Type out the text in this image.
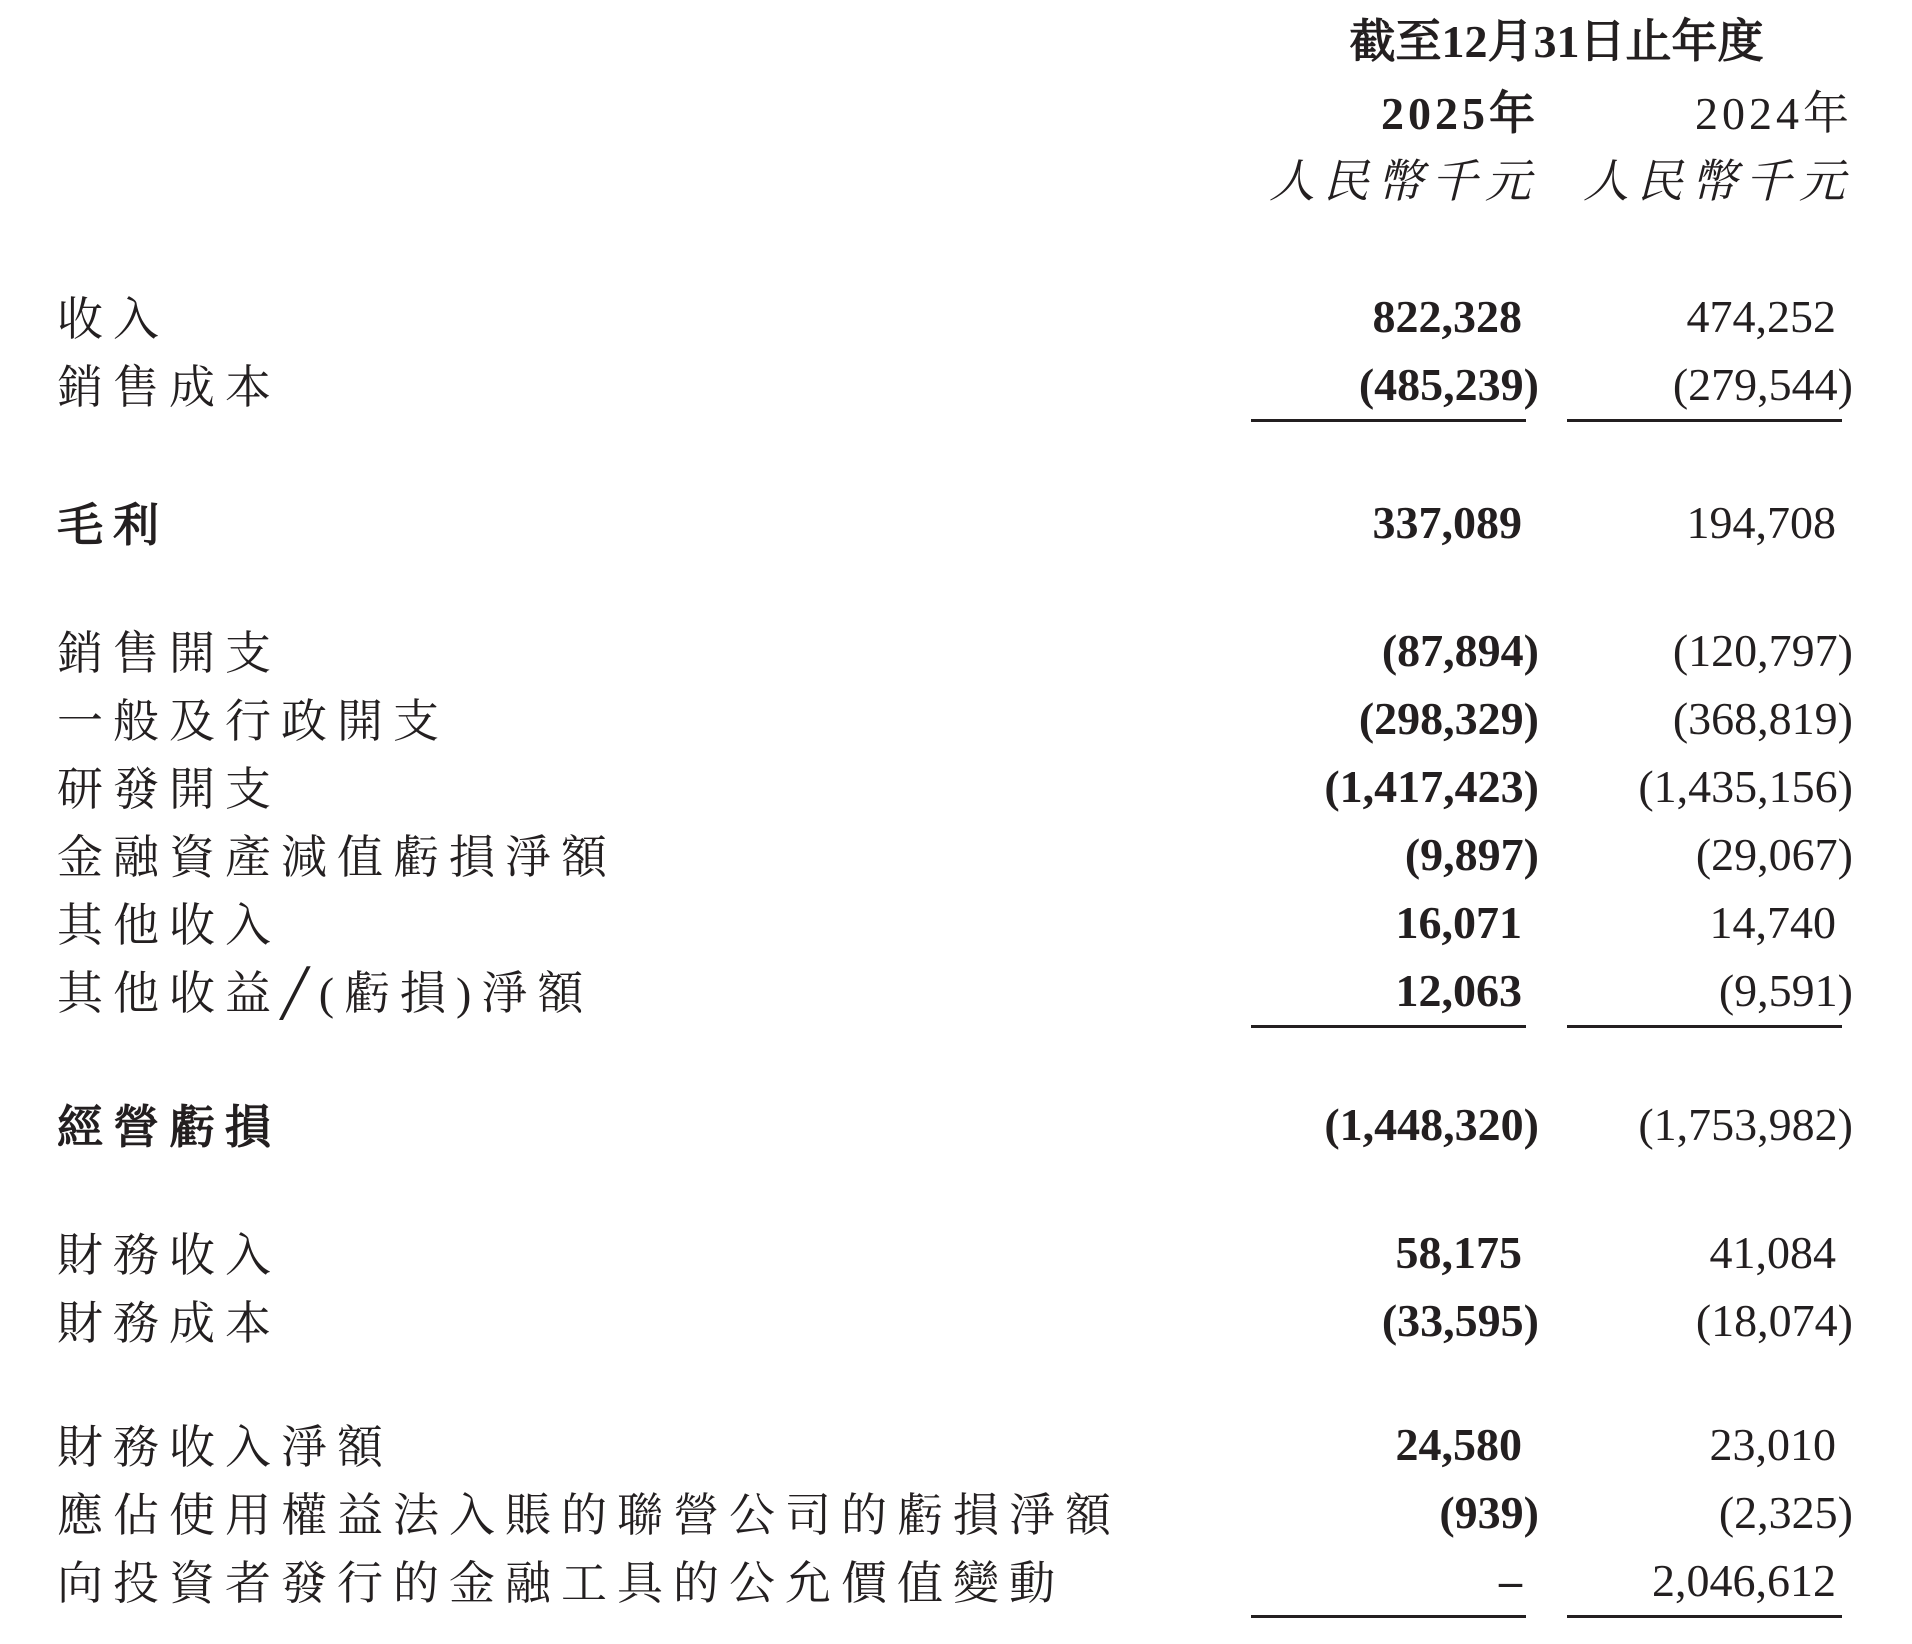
	截至12月31日止年度	
	2025年	2024年
	人民幣千元	人民幣千元

收入	822,328	474,252
銷售成本	(485,239)	(279,544)

毛利	337,089	194,708

銷售開支	(87,894)	(120,797)
一般及行政開支	(298,329)	(368,819)
研發開支	(1,417,423)	(1,435,156)
金融資產減值虧損淨額	(9,897)	(29,067)
其他收入	16,071	14,740
其他收益╱(虧損)淨額	12,063	(9,591)

經營虧損	(1,448,320)	(1,753,982)

財務收入	58,175	41,084
財務成本	(33,595)	(18,074)

財務收入淨額	24,580	23,010
應佔使用權益法入賬的聯營公司的虧損淨額	(939)	(2,325)
向投資者發行的金融工具的公允價值變動	–	2,046,612
